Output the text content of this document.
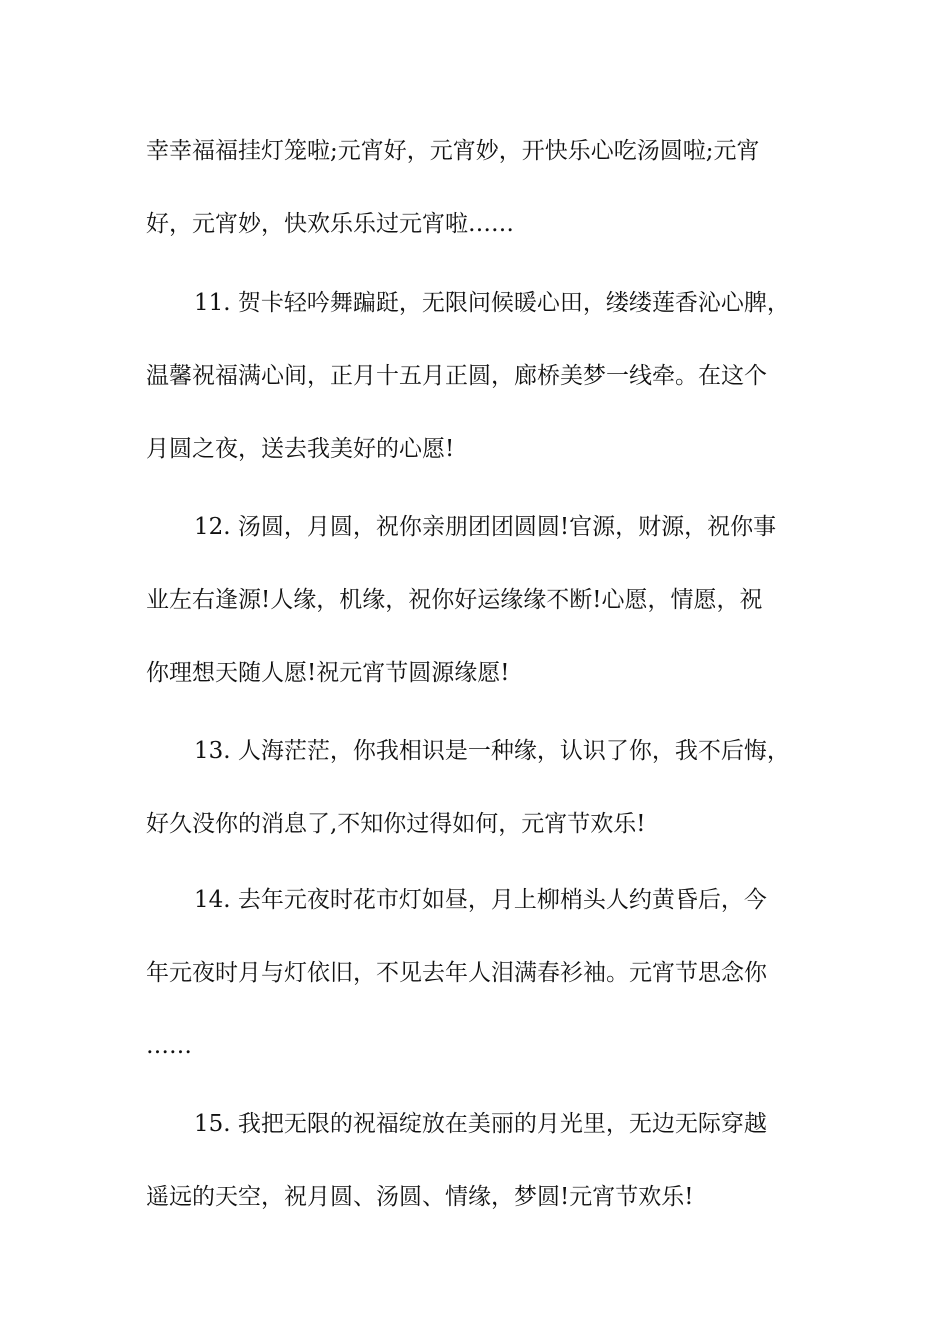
幸幸福福挂灯笼啦;元宵好，元宵妙，开快乐心吃汤圆啦;元宵
好，元宵妙，快欢乐乐过元宵啦……
11. 贺卡轻吟舞蹁跹，无限问候暖心田，缕缕莲香沁心脾，
温馨祝福满心间，正月十五月正圆，廊桥美梦一线牵。在这个
月圆之夜，送去我美好的心愿!
12. 汤圆，月圆，祝你亲朋团团圆圆!官源，财源，祝你事
业左右逢源!人缘，机缘，祝你好运缘缘不断!心愿，情愿，祝
你理想天随人愿!祝元宵节圆源缘愿!
13. 人海茫茫，你我相识是一种缘，认识了你，我不后悔，
好久没你的消息了,不知你过得如何，元宵节欢乐!
14. 去年元夜时花市灯如昼，月上柳梢头人约黄昏后，今
年元夜时月与灯依旧，不见去年人泪满春衫袖。元宵节思念你
……
15. 我把无限的祝福绽放在美丽的月光里，无边无际穿越
遥远的天空，祝月圆、汤圆、情缘，梦圆!元宵节欢乐!
